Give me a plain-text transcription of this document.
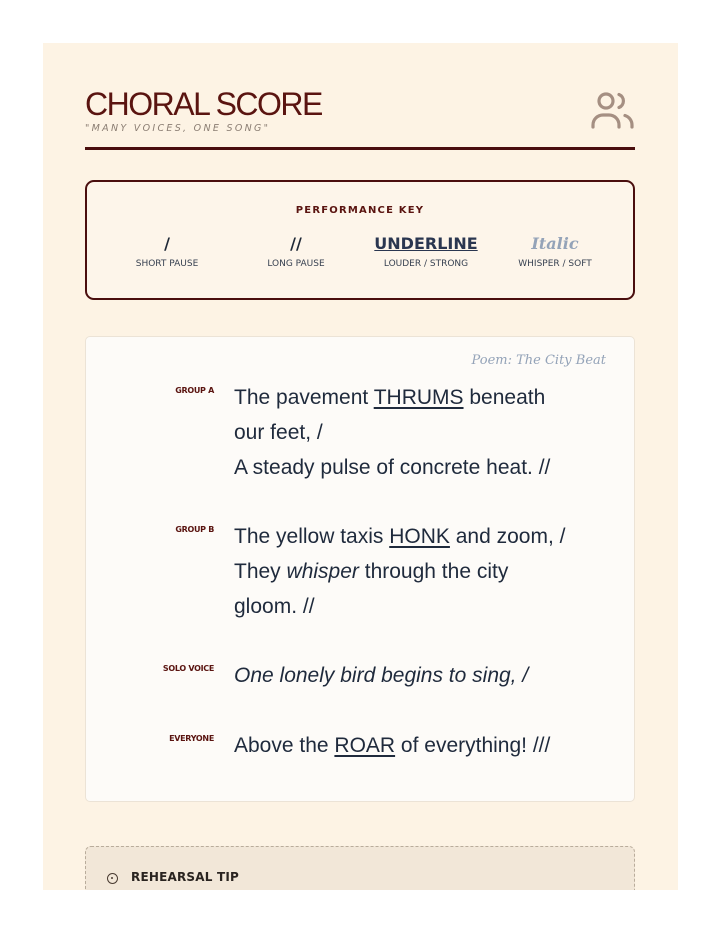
CHORAL SCORE
"MANY VOICES, ONE SONG"
PERFORMANCE KEY
/
SHORT PAUSE
//
LONG PAUSE
UNDERLINE
LOUDER / STRONG
Italic
WHISPER / SOFT
Poem: The City Beat
GROUP A The pavement THRUMS beneath
our feet, /
A steady pulse of concrete heat. //
GROUP B The yellow taxis HONK and zoom, /
They whisper through the city
gloom. //
SOLO VOICE One lonely bird begins to sing, /
EVERYONE Above the ROAR of everything! ///
REHEARSAL TIP
